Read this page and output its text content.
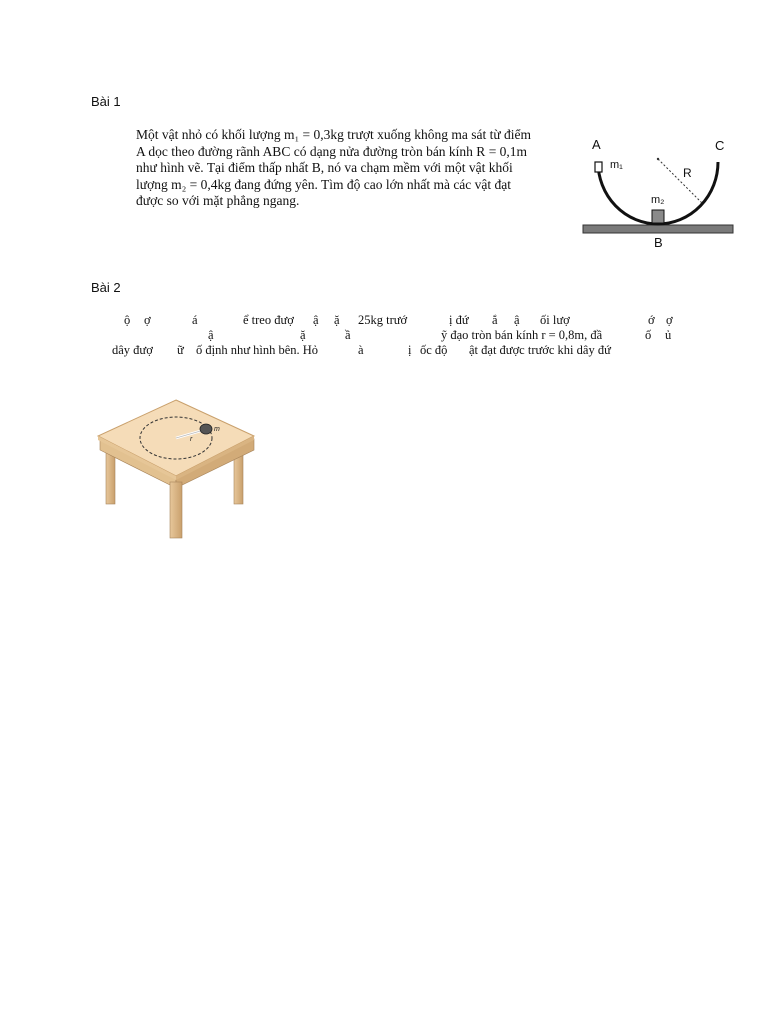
Bài 1
Một vật nhỏ có khối lượng m₁ = 0,3kg trượt xuống không ma sát từ điểm
A dọc theo đường rãnh ABC có dạng nửa đường tròn bán kính R = 0,1m
như hình vẽ. Tại điểm thấp nhất B, nó va chạm mềm với một vật khối
lượng m₂ = 0,4kg đang đứng yên. Tìm độ cao lớn nhất mà các vật đạt
được so với mặt phẳng ngang.
A	C
B
R
m₁
m₂
Bài 2
ộ ợ	á	ể treo đượ ậ ặ 25kg trướ	ị đứ ắ ậ ối lượ	ớ ợ
ậ	ặ	ầ	ỹ đạo tròn bán kính r = 0,8m, đầ	ố ủ
dây đượ ữ ố định như hình bên. Hỏ	à	ị ốc độ ật đạt được trước khi dây đứ
m
r
